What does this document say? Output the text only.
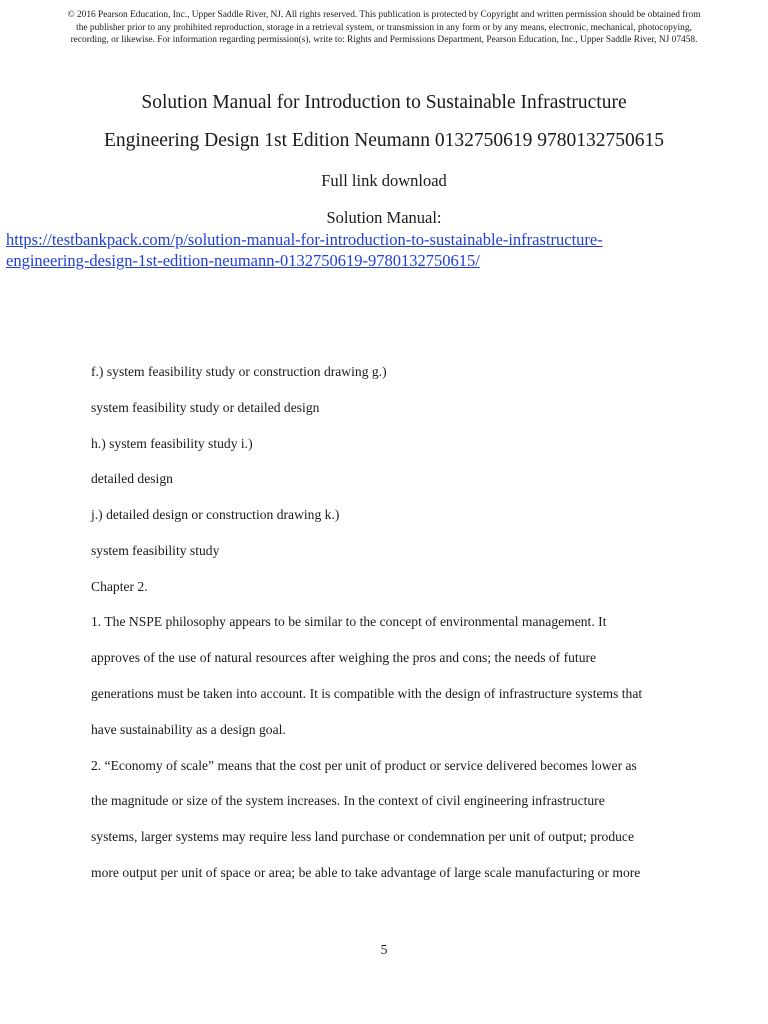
© 2016 Pearson Education, Inc., Upper Saddle River, NJ. All rights reserved. This publication is protected by Copyright and written permission should be obtained from
the publisher prior to any prohibited reproduction, storage in a retrieval system, or transmission in any form or by any means, electronic, mechanical, photocopying,
recording, or likewise. For information regarding permission(s), write to: Rights and Permissions Department, Pearson Education, Inc., Upper Saddle River, NJ 07458.
Solution Manual for Introduction to Sustainable Infrastructure
Engineering Design 1st Edition Neumann 0132750619 9780132750615
Full link download
Solution Manual:
https://testbankpack.com/p/solution-manual-for-introduction-to-sustainable-infrastructure-
engineering-design-1st-edition-neumann-0132750619-9780132750615/
f.) system feasibility study or construction drawing g.)
system feasibility study or detailed design
h.) system feasibility study i.)
detailed design
j.) detailed design or construction drawing k.)
system feasibility study
Chapter 2.
1. The NSPE philosophy appears to be similar to the concept of environmental management. It
approves of the use of natural resources after weighing the pros and cons; the needs of future
generations must be taken into account. It is compatible with the design of infrastructure systems that
have sustainability as a design goal.
2. “Economy of scale” means that the cost per unit of product or service delivered becomes lower as
the magnitude or size of the system increases. In the context of civil engineering infrastructure
systems, larger systems may require less land purchase or condemnation per unit of output; produce
more output per unit of space or area; be able to take advantage of large scale manufacturing or more
5
